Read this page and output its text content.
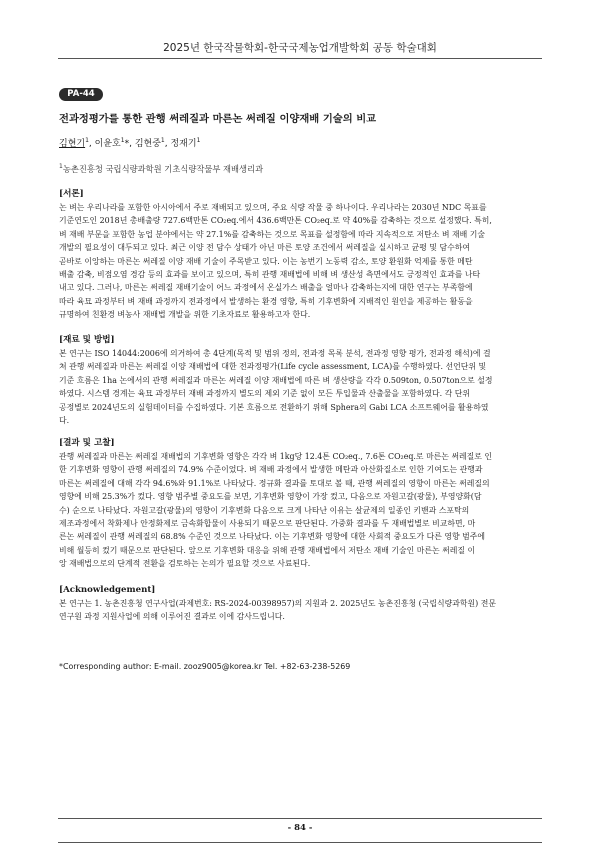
2025년 한국작물학회-한국국제농업개발학회 공동 학술대회
PA-44
전과정평가를 통한 관행 써레질과 마른논 써레질 이양재배 기술의 비교
김현기$^1$, 이윤호$^1$*, 김현중$^1$, 정재기$^1$
$^1$농촌진흥청 국립식량과학원 기초식량작물부 재배생리과
[서론]
논 벼는 우리나라를 포함한 아시아에서 주로 재배되고 있으며, 주요 식량 작물 중 하나이다. 우리나라는 2030년 NDC 목표를
기준연도인 2018년 총배출량 727.6백만톤 CO₂eq.에서 436.6백만톤 CO₂eq.로 약 40%를 감축하는 것으로 설정했다. 특히,
벼 재배 부문을 포함한 농업 분야에서는 약 27.1%를 감축하는 것으로 목표를 설정함에 따라 지속적으로 저탄소 벼 재배 기술
개발의 필요성이 대두되고 있다. 최근 이양 전 담수 상태가 아닌 마른 토양 조건에서 써레질을 실시하고 균평 및 담수하여
곧바로 이앙하는 마른논 써레질 이양 재배 기술이 주목받고 있다. 이는 농번기 노동력 감소, 토양 환원화 억제를 통한 메탄
배출 감축, 비점오염 경감 등의 효과를 보이고 있으며, 특히 관행 재배법에 비해 벼 생산성 측면에서도 긍정적인 효과를 나타
내고 있다. 그러나, 마른논 써레질 재배기술이 어느 과정에서 온실가스 배출을 얼마나 감축하는지에 대한 연구는 부족함에
따라 육묘 과정부터 벼 재배 과정까지 전과정에서 발생하는 환경 영향, 특히 기후변화에 지배적인 원인을 제공하는 활동을
규명하여 친환경 벼농사 재배법 개발을 위한 기초자료로 활용하고자 한다.
[재료 및 방법]
본 연구는 ISO 14044:2006에 의거하여 총 4단계(목적 및 범위 정의, 전과정 목록 분석, 전과정 영향 평가, 전과정 해석)에 걸
쳐 관행 써레질과 마른논 써레질 이양 재배법에 대한 전과정평가(Life cycle assessment, LCA)를 수행하였다. 선언단위 및
기준 흐름은 1ha 논에서의 관행 써레질과 마른논 써레질 이양 재배법에 따른 벼 생산량을 각각 0.509ton, 0.507ton으로 설정
하였다. 시스템 경계는 육묘 과정부터 재배 과정까지 별도의 제외 기준 없이 모든 투입물과 산출물을 포함하였다. 각 단위
공정별로 2024년도의 실험데이터를 수집하였다. 기본 흐름으로 전환하기 위해 Sphera의 Gabi LCA 소프트웨어를 활용하였
다.
[결과 및 고찰]
관행 써레질과 마른논 써레질 재배법의 기후변화 영향은 각각 벼 1kg당 12.4톤 CO₂eq., 7.6톤 CO₂eq.로 마른논 써레질로 인
한 기후변화 영향이 관행 써레질의 74.9% 수준이었다. 벼 재배 과정에서 발생한 메탄과 아산화질소로 인한 기여도는 관행과
마른논 써레질에 대해 각각 94.6%와 91.1%로 나타났다. 정규화 결과를 토대로 볼 때, 관행 써레질의 영향이 마른논 써레질의
영향에 비해 25.3%가 컸다. 영향 범주별 중요도를 보면, 기후변화 영향이 가장 컸고, 다음으로 자원고갈(광물), 부영양화(담
수) 순으로 나타났다. 자원고갈(광물)의 영향이 기후변화 다음으로 크게 나타난 이유는 살균제의 일종인 키밴과 스포탁의
제조과정에서 착화제나 안정화제로 금속화합물이 사용되기 때문으로 판단된다. 가중화 결과를 두 재배법별로 비교하면, 마
른논 써레질이 관행 써레질의 68.8% 수준인 것으로 나타났다. 이는 기후변화 영향에 대한 사회적 중요도가 다른 영향 범주에
비해 월등히 컸기 때문으로 판단된다. 앞으로 기후변화 대응을 위해 관행 재배법에서 저탄소 재배 기술인 마른논 써레질 이
앙 재배법으로의 단계적 전환을 검토하는 논의가 필요할 것으로 사료된다.
[Acknowledgement]
본 연구는 1. 농촌진흥청 연구사업(과제번호: RS-2024-00398957)의 지원과 2. 2025년도 농촌진흥청 (국립식량과학원) 전문
연구원 과정 지원사업에 의해 이루어진 결과로 이에 감사드립니다.
*Corresponding author: E-mail. zooz9005@korea.kr Tel. +82-63-238-5269
- 84 -
